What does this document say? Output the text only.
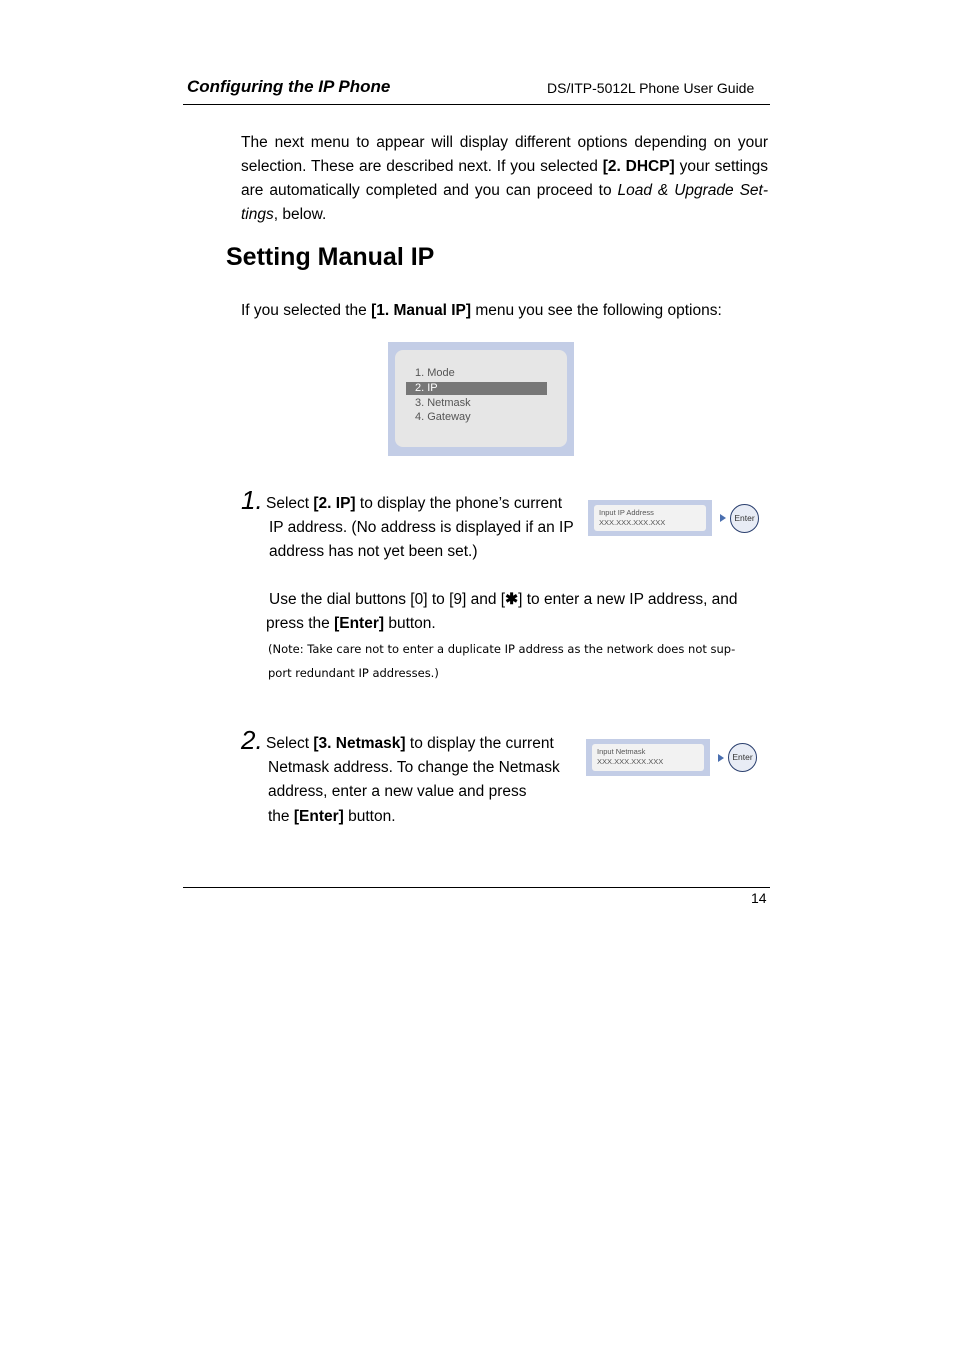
Configuring the IP Phone	DS/ITP-5012L Phone User Guide
The next menu to appear will display different options depending on your selection. These are described next. If you selected [2. DHCP] your settings are automatically completed and you can proceed to Load & Upgrade Set-tings, below.
Setting Manual IP
If you selected the [1. Manual IP] menu you see the following options:
1. Mode
2. IP
3. Netmask
4. Gateway
1. Select [2. IP] to display the phone’s current
IP address. (No address is displayed if an IP
address has not yet been set.)
Input IP Address
XXX.XXX.XXX.XXX	Enter
Use the dial buttons [0] to [9] and [✱] to enter a new IP address, and
press the [Enter] button.
(Note: Take care not to enter a duplicate IP address as the network does not sup-
port redundant IP addresses.)
2. Select [3. Netmask] to display the current
Netmask address. To change the Netmask
address, enter a new value and press
the [Enter] button.
Input Netmask
XXX.XXX.XXX.XXX	Enter
14
